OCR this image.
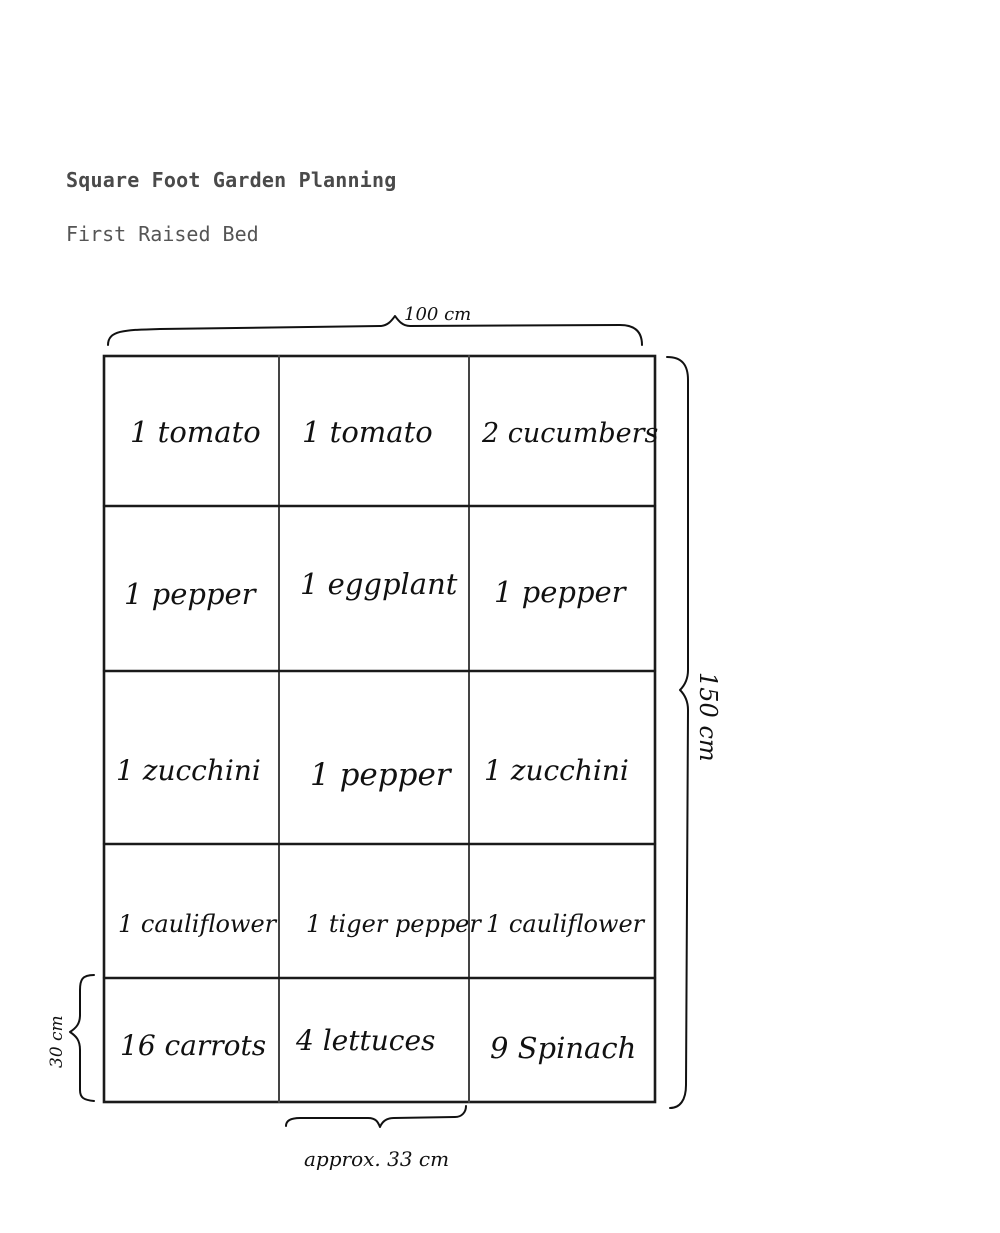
Square Foot Garden Planning
First Raised Bed
1 tomato 1 tomato 2 cucumbers
1 pepper 1 eggplant 1 pepper
1 zucchini 1 pepper 1 zucchini
1 cauliflower 1 tiger pepper 1 cauliflower
16 carrots 4 lettuces 9 Spinach
100 cm
150 cm
30 cm
approx. 33 cm
